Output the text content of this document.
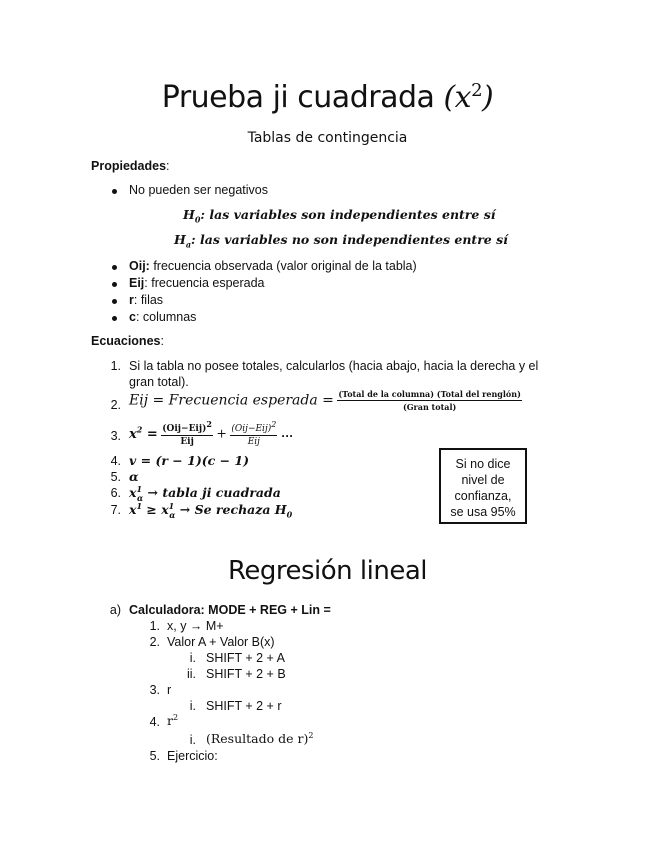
Prueba ji cuadrada $(x^2)$
Tablas de contingencia
Propiedades:
No pueden ser negativos
$H_0$: las variables son independientes entre sí
$H_a$: las variables no son independientes entre sí
Oij: frecuencia observada (valor original de la tabla)
Eij: frecuencia esperada
r: filas
c: columnas
Ecuaciones:
1. Si la tabla no posee totales, calcularlos (hacia abajo, hacia la derecha y el
gran total).
2. Eij = Frecuencia esperada = $\frac{\text{(Total de la columna) (Total del renglón)}}{\text{(Gran total)}}$
3. $x^2 = \frac{(Oij-Eij)^2}{\text{Eij}} + \frac{(Oij-Eij)^2}{\text{Eij}}$ …
4. v = (r − 1)(c − 1)
5. α
6. $x^1_\alpha$ → tabla ji cuadrada
7. $x^1 \ge x^1_\alpha \to Se$ rechaza $H_0$
Si no dice
nivel de
confianza,
se usa 95%
Regresión lineal
a) Calculadora: MODE + REG + Lin =
1. x, y → M+
2. Valor A + Valor B(x)
i. SHIFT + 2 + A
ii. SHIFT + 2 + B
3. r
i. SHIFT + 2 + r
4. $r^2$
i. (Resultado de r)$^2$
5. Ejercicio:
